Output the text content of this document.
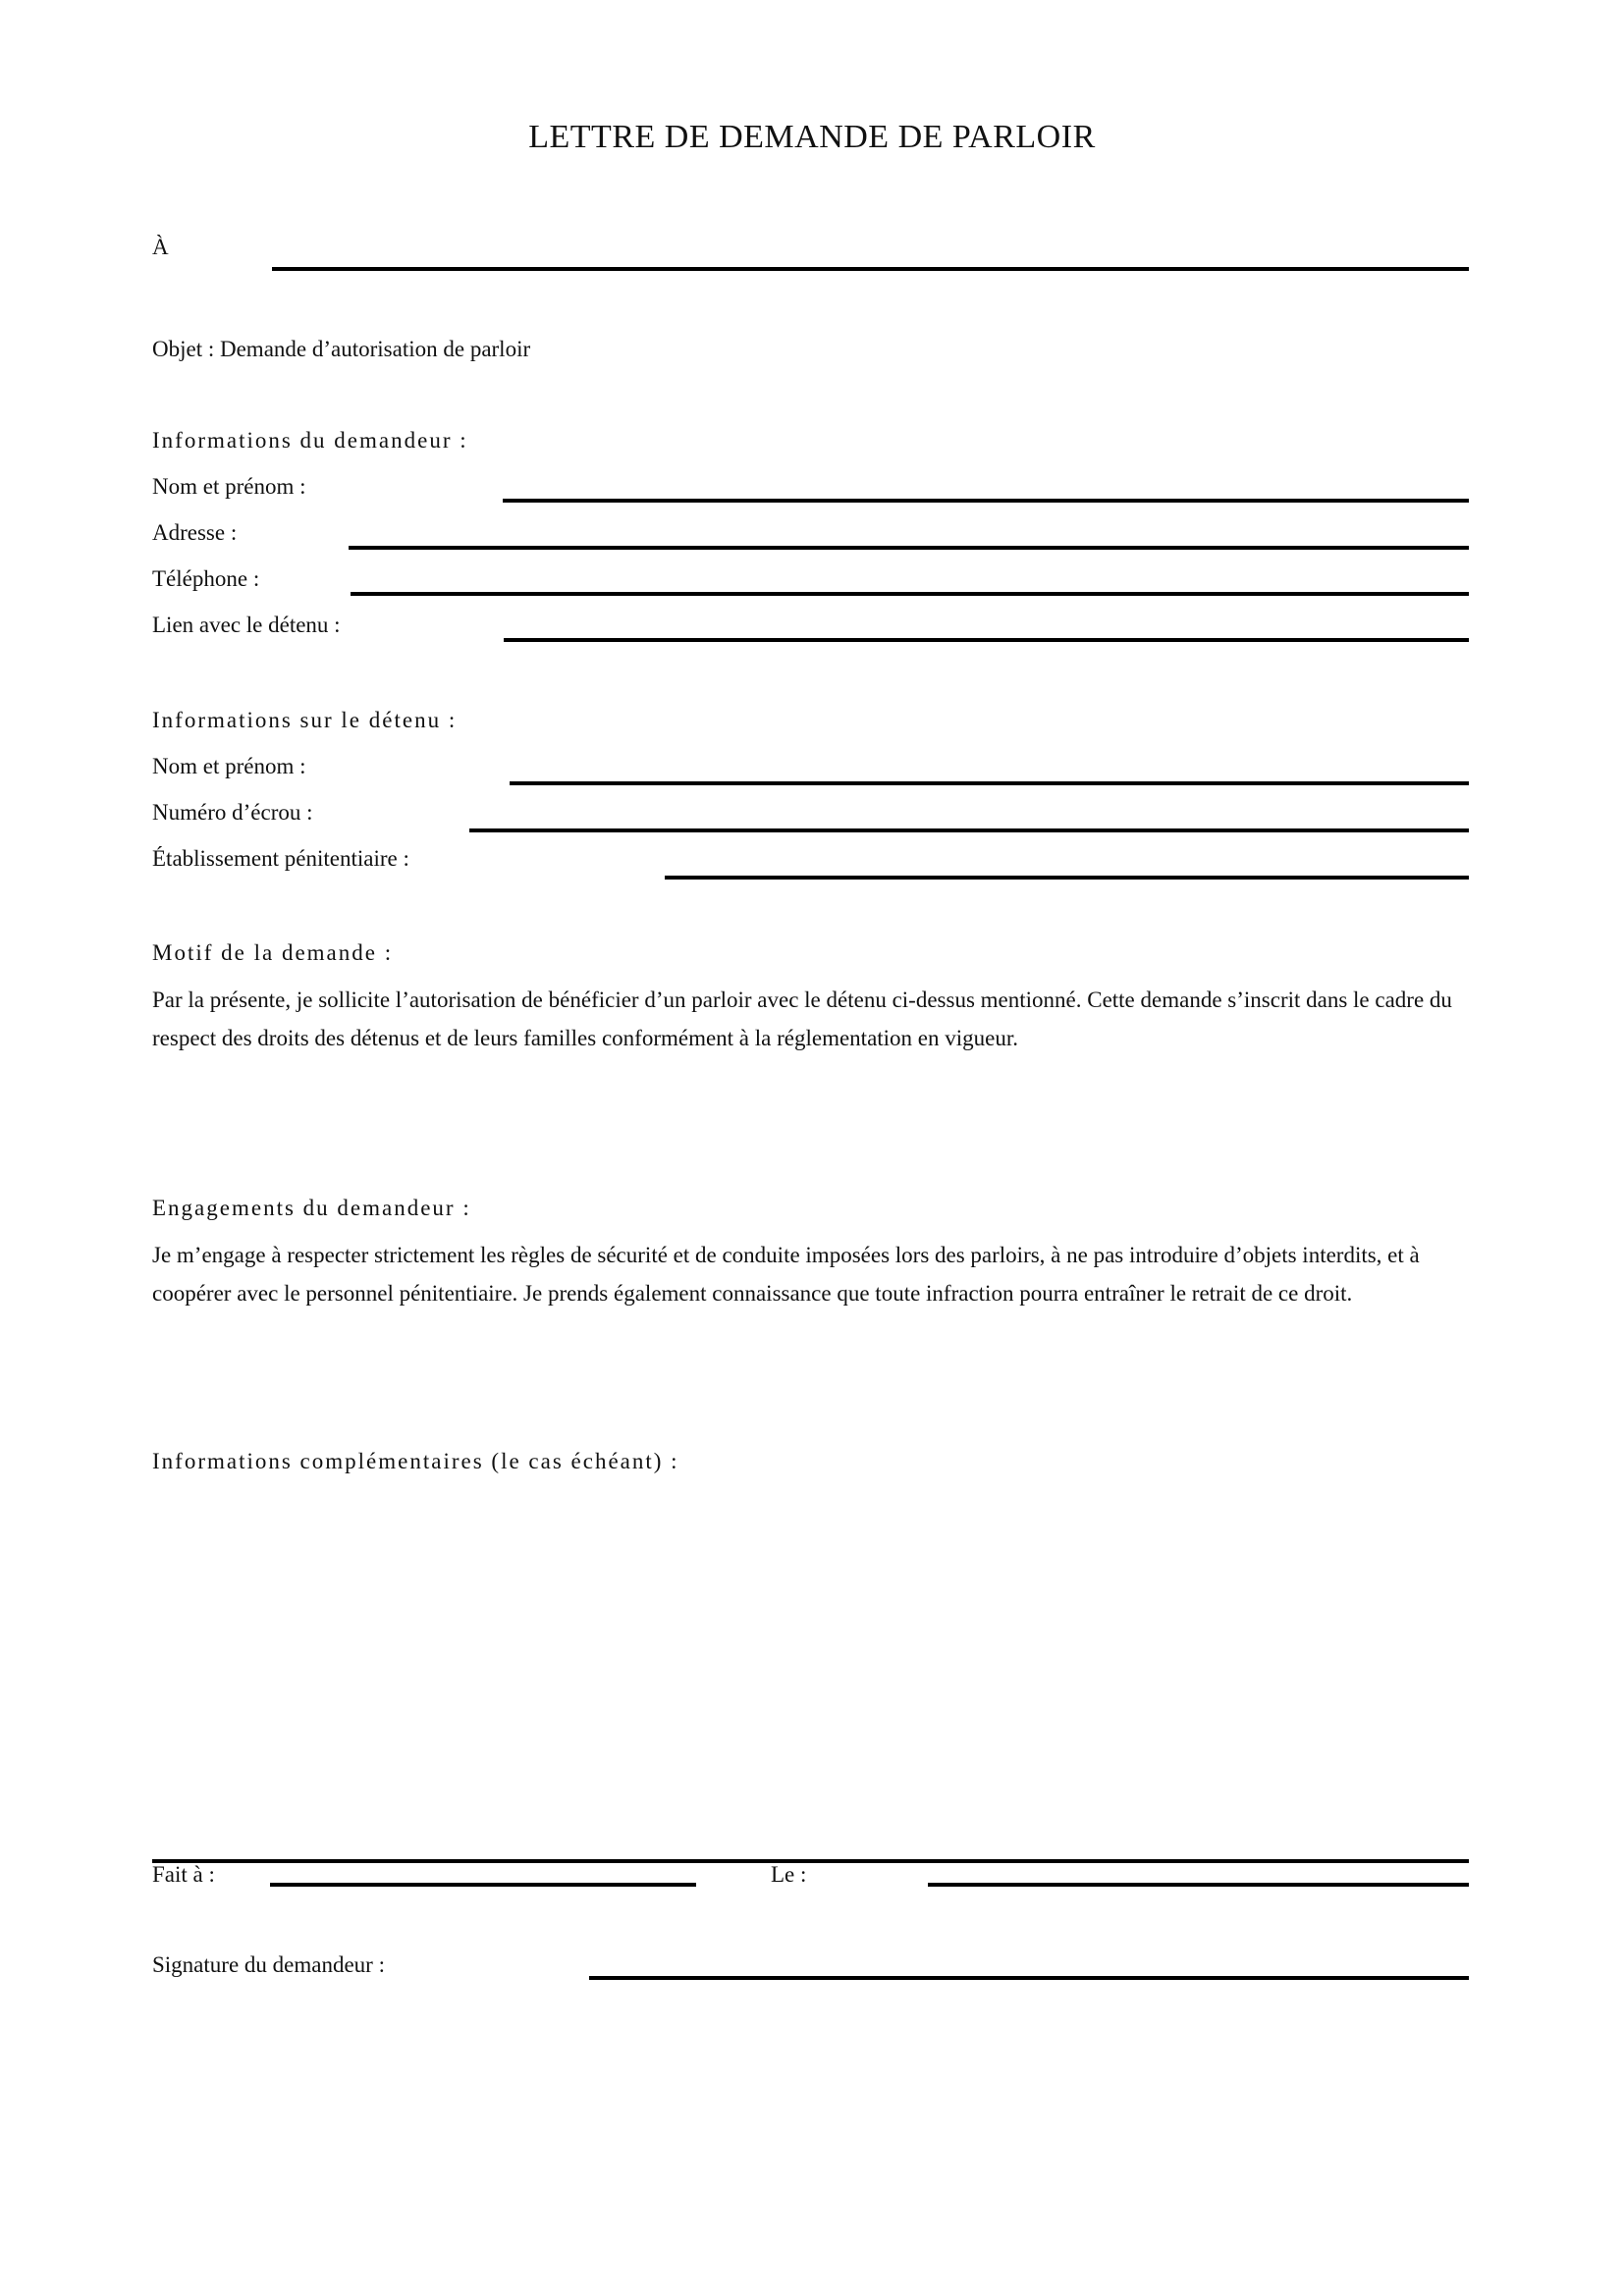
LETTRE DE DEMANDE DE PARLOIR
À
Objet : Demande d’autorisation de parloir
Informations du demandeur :
Nom et prénom :
Adresse :
Téléphone :
Lien avec le détenu :
Informations sur le détenu :
Nom et prénom :
Numéro d’écrou :
Établissement pénitentiaire :
Motif de la demande :
Par la présente, je sollicite l’autorisation de bénéficier d’un parloir avec le détenu ci-dessus mentionné. Cette demande s’inscrit dans le cadre du respect des droits des détenus et de leurs familles conformément à la réglementation en vigueur.
Engagements du demandeur :
Je m’engage à respecter strictement les règles de sécurité et de conduite imposées lors des parloirs, à ne pas introduire d’objets interdits, et à coopérer avec le personnel pénitentiaire. Je prends également connaissance que toute infraction pourra entraîner le retrait de ce droit.
Informations complémentaires (le cas échéant) :
Fait à :	Le :
Signature du demandeur :
